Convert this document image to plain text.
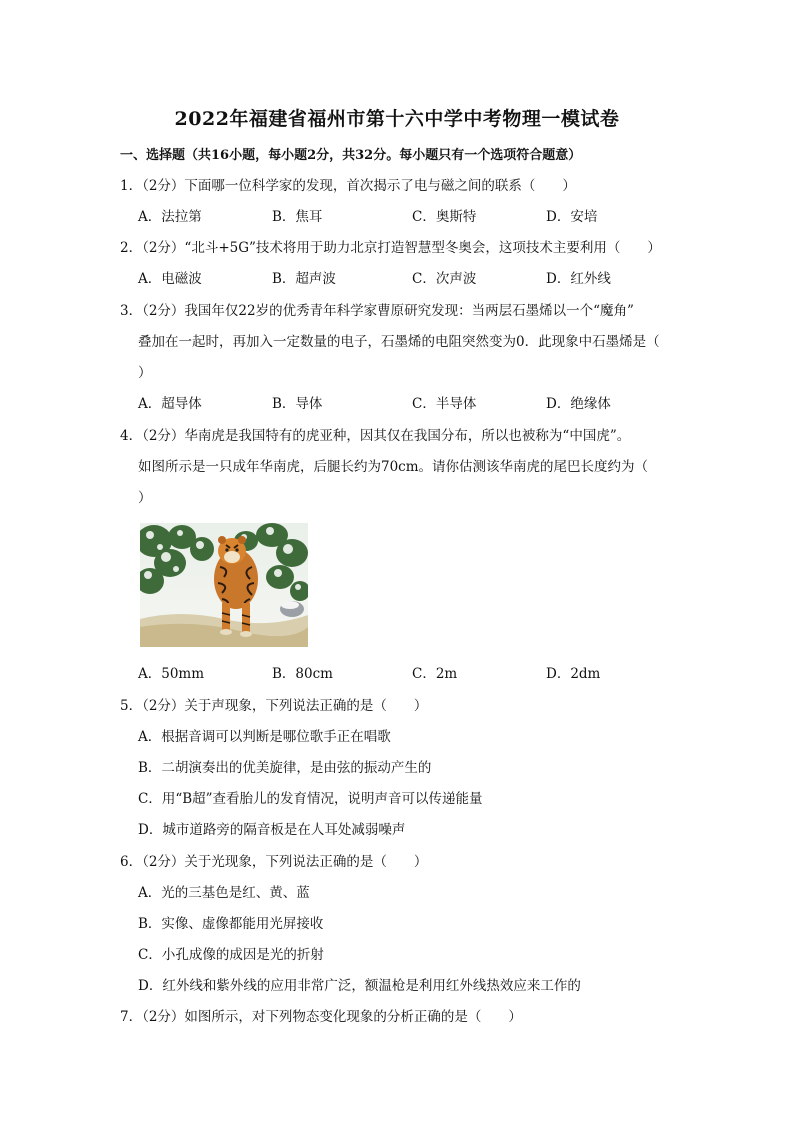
2022年福建省福州市第十六中学中考物理一模试卷
一、选择题（共16小题，每小题2分，共32分。每小题只有一个选项符合题意）
1．（2分）下面哪一位科学家的发现，首次揭示了电与磁之间的联系（　　）
A．法拉第	B．焦耳	C．奥斯特	D．安培
2．（2分）“北斗+5G”技术将用于助力北京打造智慧型冬奥会，这项技术主要利用（　　）
A．电磁波	B．超声波	C．次声波	D．红外线
3．（2分）我国年仅22岁的优秀青年科学家曹原研究发现：当两层石墨烯以一个“魔角”
叠加在一起时，再加入一定数量的电子，石墨烯的电阻突然变为0．此现象中石墨烯是（
）
A．超导体	B．导体	C．半导体	D．绝缘体
4．（2分）华南虎是我国特有的虎亚种，因其仅在我国分布，所以也被称为“中国虎”。
如图所示是一只成年华南虎，后腿长约为70cm。请你估测该华南虎的尾巴长度约为（
）
A．50mm	B．80cm	C．2m	D．2dm
5．（2分）关于声现象，下列说法正确的是（　　）
A．根据音调可以判断是哪位歌手正在唱歌
B．二胡演奏出的优美旋律，是由弦的振动产生的
C．用“B超”查看胎儿的发育情况，说明声音可以传递能量
D．城市道路旁的隔音板是在人耳处减弱噪声
6．（2分）关于光现象，下列说法正确的是（　　）
A．光的三基色是红、黄、蓝
B．实像、虚像都能用光屏接收
C．小孔成像的成因是光的折射
D．红外线和紫外线的应用非常广泛，额温枪是利用红外线热效应来工作的
7．（2分）如图所示，对下列物态变化现象的分析正确的是（　　）
